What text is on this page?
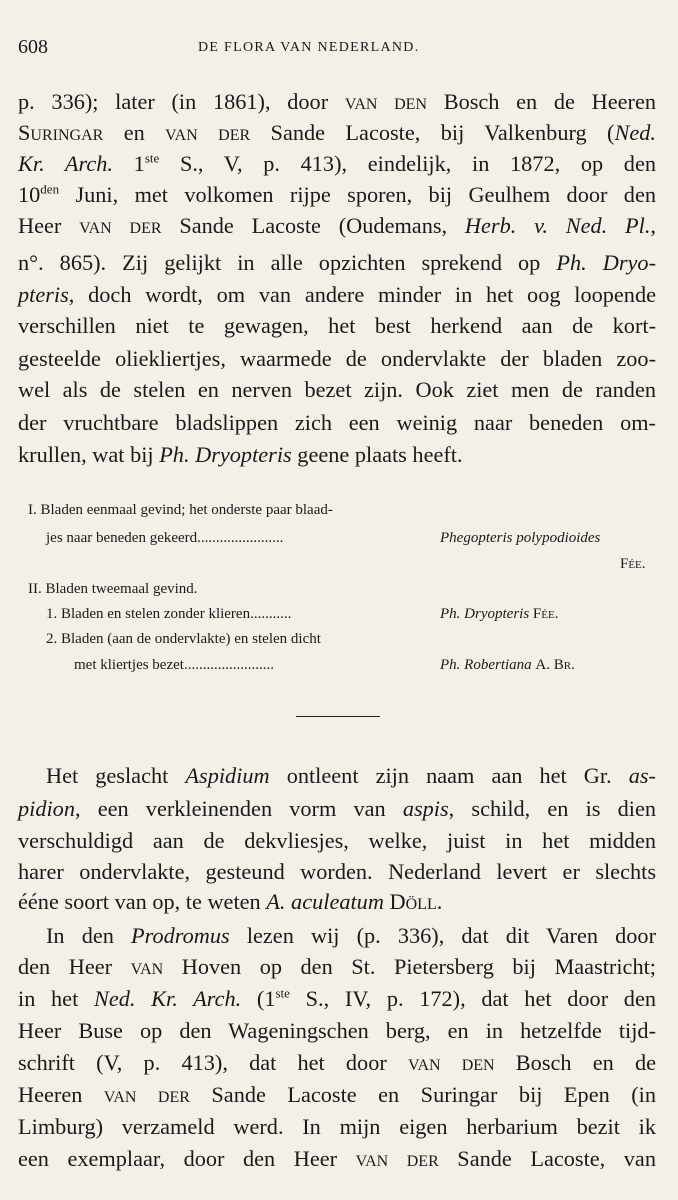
608	DE FLORA VAN NEDERLAND.
p. 336); later (in 1861), door van den Bosch en de Heeren
Suringar en van der Sande Lacoste, bij Valkenburg (Ned.
Kr. Arch. 1ste S., V, p. 413), eindelijk, in 1872, op den
$10^{den}$ Juni, met volkomen rijpe sporen, bij Geulhem door den
Heer van der Sande Lacoste (Oudemans, Herb. v. Ned. Pl.,
n°. 865). Zij gelijkt in alle opzichten sprekend op Ph. Dryo-
pteris, doch wordt, om van andere minder in het oog loopende
verschillen niet te gewagen, het best herkend aan de kort-
gesteelde oliekliertjes, waarmede de ondervlakte der bladen zoo-
wel als de stelen en nerven bezet zijn. Ook ziet men de randen
der vruchtbare bladslippen zich een weinig naar beneden om-
krullen, wat bij Ph. Dryopteris geene plaats heeft.
I. Bladen eenmaal gevind; het onderste paar blaad-
jes naar beneden gekeerd.......................	Phegopteris polypodioides
Fée.
II. Bladen tweemaal gevind.
1. Bladen en stelen zonder klieren...........	Ph. Dryopteris Fée.
2. Bladen (aan de ondervlakte) en stelen dicht
met kliertjes bezet........................	Ph. Robertiana A. Br.
Het geslacht Aspidium ontleent zijn naam aan het Gr. as-
pidion, een verkleinenden vorm van aspis, schild, en is dien
verschuldigd aan de dekvliesjes, welke, juist in het midden
harer ondervlakte, gesteund worden. Nederland levert er slechts
ééne soort van op, te weten A. aculeatum Döll.
In den Prodromus lezen wij (p. 336), dat dit Varen door
den Heer van Hoven op den St. Pietersberg bij Maastricht;
in het Ned. Kr. Arch. (1ste S., IV, p. 172), dat het door den
Heer Buse op den Wageningschen berg, en in hetzelfde tijd-
schrift (V, p. 413), dat het door van den Bosch en de
Heeren van der Sande Lacoste en Suringar bij Epen (in
Limburg) verzameld werd. In mijn eigen herbarium bezit ik
een exemplaar, door den Heer van der Sande Lacoste, van
